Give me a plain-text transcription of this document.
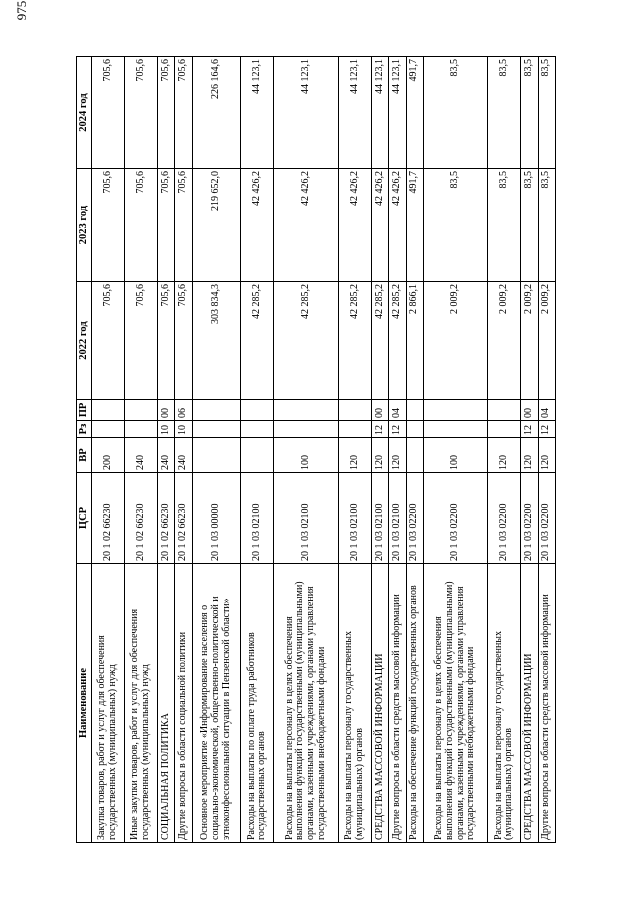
975
Наименование	ЦСР	ВР	Рз	ПР	2022 год	2023 год	2024 год
Закупка товаров, работ и услуг для обеспечения государственных (муниципальных) нужд	20 1 02 66230	200			705,6	705,6	705,6
Иные закупки товаров, работ и услуг для обеспечения государственных (муниципальных) нужд	20 1 02 66230	240			705,6	705,6	705,6
СОЦИАЛЬНАЯ ПОЛИТИКА	20 1 02 66230	240	10	00	705,6	705,6	705,6
Другие вопросы в области социальной политики	20 1 02 66230	240	10	06	705,6	705,6	705,6
Основное мероприятие «Информирование населения о социально-экономической, общественно-политической и этноконфессиональной ситуации в Пензенской области»	20 1 03 00000				303 834,3	219 652,0	226 164,6
Расходы на выплаты по оплате труда работников государственных органов	20 1 03 02100				42 285,2	42 426,2	44 123,1
Расходы на выплаты персоналу в целях обеспечения выполнения функций государственными (муниципальными) органами, казенными учреждениями, органами управления государственными внебюджетными фондами	20 1 03 02100	100			42 285,2	42 426,2	44 123,1
Расходы на выплаты персоналу государственных (муниципальных) органов	20 1 03 02100	120			42 285,2	42 426,2	44 123,1
СРЕДСТВА МАССОВОЙ ИНФОРМАЦИИ	20 1 03 02100	120	12	00	42 285,2	42 426,2	44 123,1
Другие вопросы в области средств массовой информации	20 1 03 02100	120	12	04	42 285,2	42 426,2	44 123,1
Расходы на обеспечение функций государственных органов	20 1 03 02200				2 866,1	491,7	491,7
Расходы на выплаты персоналу в целях обеспечения выполнения функций государственными (муниципальными) органами, казенными учреждениями, органами управления государственными внебюджетными фондами	20 1 03 02200	100			2 009,2	83,5	83,5
Расходы на выплаты персоналу государственных (муниципальных) органов	20 1 03 02200	120			2 009,2	83,5	83,5
СРЕДСТВА МАССОВОЙ ИНФОРМАЦИИ	20 1 03 02200	120	12	00	2 009,2	83,5	83,5
Другие вопросы в области средств массовой информации	20 1 03 02200	120	12	04	2 009,2	83,5	83,5
